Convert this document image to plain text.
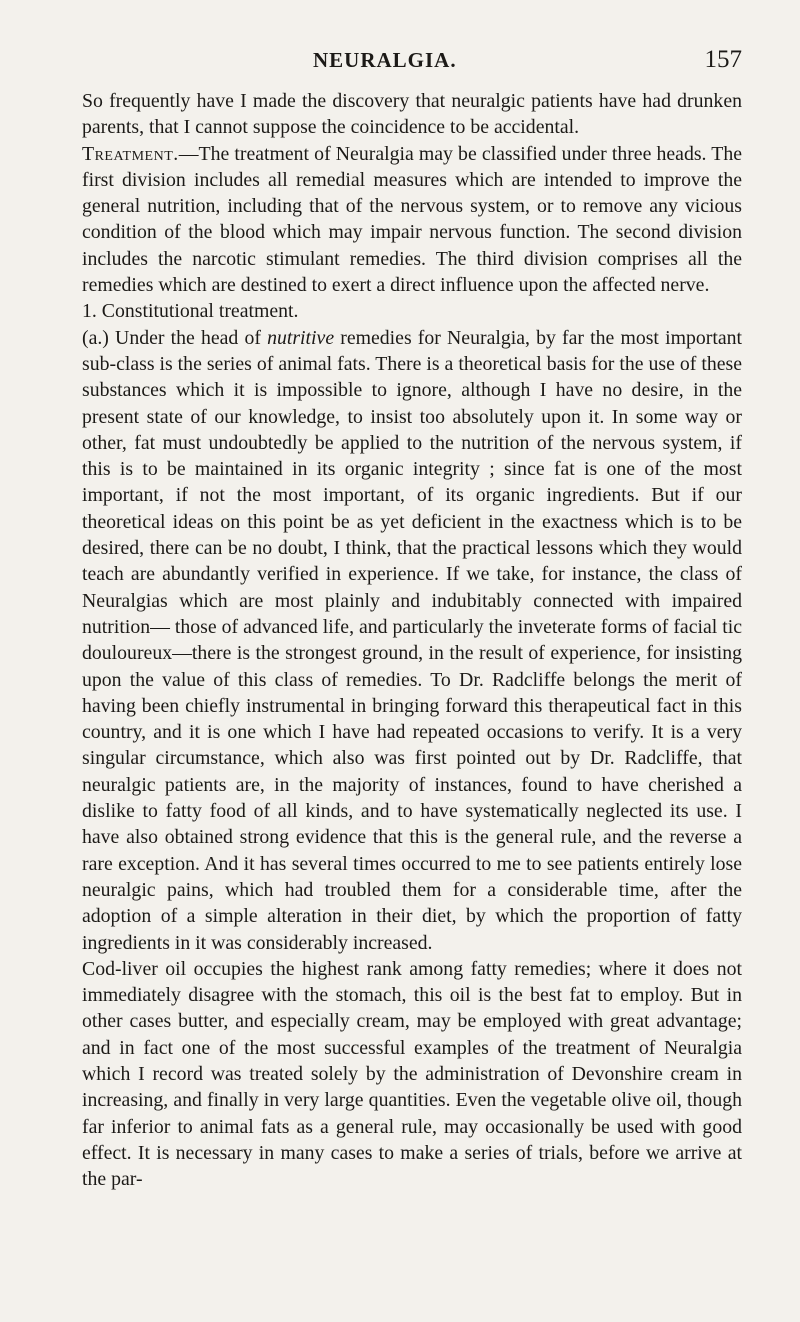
NEURALGIA.	157

So frequently have I made the discovery that neuralgic patients have had drunken parents, that I cannot suppose the coincidence to be accidental.

Treatment.—The treatment of Neuralgia may be classified under three heads. The first division includes all remedial measures which are intended to improve the general nutrition, including that of the nervous system, or to remove any vicious condition of the blood which may impair nervous function. The second division includes the narcotic stimulant remedies. The third division comprises all the remedies which are destined to exert a direct influence upon the affected nerve.

1. Constitutional treatment.

(a.) Under the head of nutritive remedies for Neuralgia, by far the most important sub-class is the series of animal fats. There is a theoretical basis for the use of these substances which it is impossible to ignore, although I have no desire, in the present state of our knowledge, to insist too absolutely upon it. In some way or other, fat must undoubtedly be applied to the nutrition of the nervous system, if this is to be maintained in its organic integrity ; since fat is one of the most important, if not the most important, of its organic ingredients. But if our theoretical ideas on this point be as yet deficient in the exactness which is to be desired, there can be no doubt, I think, that the practical lessons which they would teach are abundantly verified in experience. If we take, for instance, the class of Neuralgias which are most plainly and indubitably connected with impaired nutrition— those of advanced life, and particularly the inveterate forms of facial tic douloureux—there is the strongest ground, in the result of experience, for insisting upon the value of this class of remedies. To Dr. Radcliffe belongs the merit of having been chiefly instrumental in bringing forward this therapeutical fact in this country, and it is one which I have had repeated occasions to verify. It is a very singular circumstance, which also was first pointed out by Dr. Radcliffe, that neuralgic patients are, in the majority of instances, found to have cherished a dislike to fatty food of all kinds, and to have systematically neglected its use. I have also obtained strong evidence that this is the general rule, and the reverse a rare exception. And it has several times occurred to me to see patients entirely lose neuralgic pains, which had troubled them for a considerable time, after the adoption of a simple alteration in their diet, by which the proportion of fatty ingredients in it was considerably increased.

Cod-liver oil occupies the highest rank among fatty remedies; where it does not immediately disagree with the stomach, this oil is the best fat to employ. But in other cases butter, and especially cream, may be employed with great advantage; and in fact one of the most successful examples of the treatment of Neuralgia which I record was treated solely by the administration of Devonshire cream in increasing, and finally in very large quantities. Even the vegetable olive oil, though far inferior to animal fats as a general rule, may occasionally be used with good effect. It is necessary in many cases to make a series of trials, before we arrive at the par-
